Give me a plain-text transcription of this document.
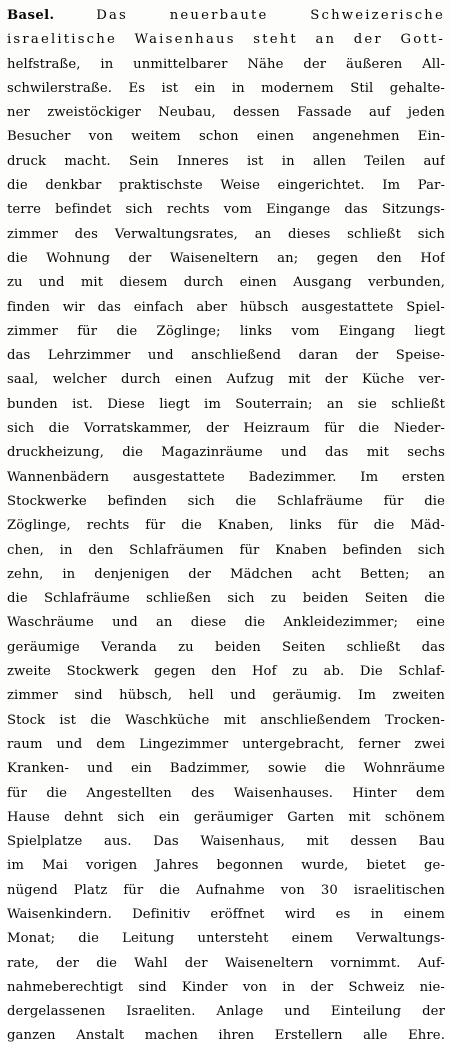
Basel. Das neuerbaute Schweizerische
israelitische Waisenhaus steht an der Gott-
helfstraße, in unmittelbarer Nähe der äußeren All-
schwilerstraße. Es ist ein in modernem Stil gehalte-
ner zweistöckiger Neubau, dessen Fassade auf jeden
Besucher von weitem schon einen angenehmen Ein-
druck macht. Sein Inneres ist in allen Teilen auf
die denkbar praktischste Weise eingerichtet. Im Par-
terre befindet sich rechts vom Eingange das Sitzungs-
zimmer des Verwaltungsrates, an dieses schließt sich
die Wohnung der Waiseneltern an; gegen den Hof
zu und mit diesem durch einen Ausgang verbunden,
finden wir das einfach aber hübsch ausgestattete Spiel-
zimmer für die Zöglinge; links vom Eingang liegt
das Lehrzimmer und anschließend daran der Speise-
saal, welcher durch einen Aufzug mit der Küche ver-
bunden ist. Diese liegt im Souterrain; an sie schließt
sich die Vorratskammer, der Heizraum für die Nieder-
druckheizung, die Magazinräume und das mit sechs
Wannenbädern ausgestattete Badezimmer. Im ersten
Stockwerke befinden sich die Schlafräume für die
Zöglinge, rechts für die Knaben, links für die Mäd-
chen, in den Schlafräumen für Knaben befinden sich
zehn, in denjenigen der Mädchen acht Betten; an
die Schlafräume schließen sich zu beiden Seiten die
Waschräume und an diese die Ankleidezimmer; eine
geräumige Veranda zu beiden Seiten schließt das
zweite Stockwerk gegen den Hof zu ab. Die Schlaf-
zimmer sind hübsch, hell und geräumig. Im zweiten
Stock ist die Waschküche mit anschließendem Trocken-
raum und dem Lingezimmer untergebracht, ferner zwei
Kranken- und ein Badzimmer, sowie die Wohnräume
für die Angestellten des Waisenhauses. Hinter dem
Hause dehnt sich ein geräumiger Garten mit schönem
Spielplatze aus. Das Waisenhaus, mit dessen Bau
im Mai vorigen Jahres begonnen wurde, bietet ge-
nügend Platz für die Aufnahme von 30 israelitischen
Waisenkindern. Definitiv eröffnet wird es in einem
Monat; die Leitung untersteht einem Verwaltungs-
rate, der die Wahl der Waiseneltern vornimmt. Auf-
nahmeberechtigt sind Kinder von in der Schweiz nie-
dergelassenen Israeliten. Anlage und Einteilung der
ganzen Anstalt machen ihren Erstellern alle Ehre.
